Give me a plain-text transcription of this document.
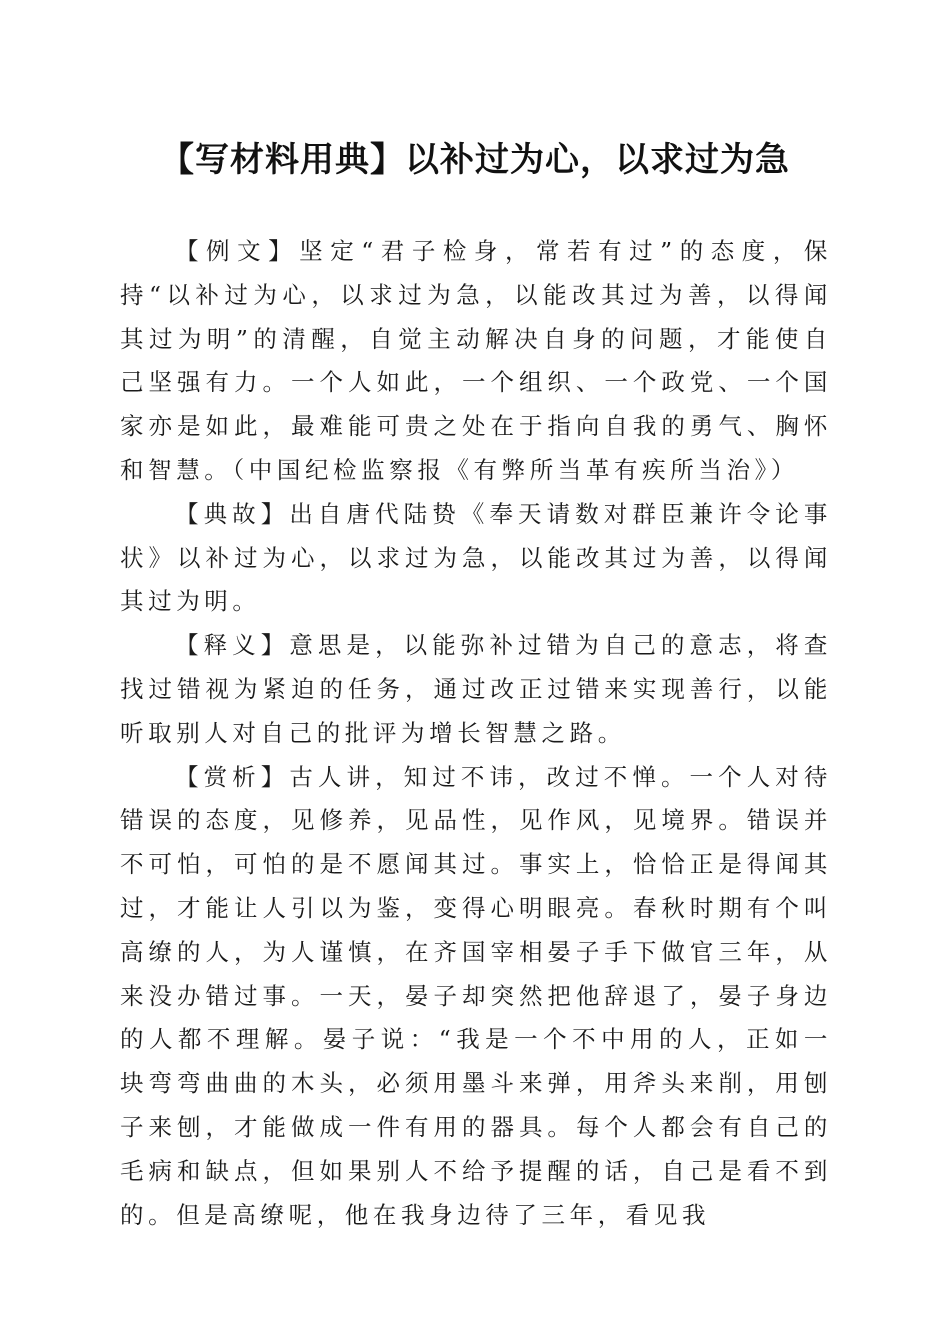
【写材料用典】以补过为心，以求过为急

【例文】坚定“君子检身，常若有过”的态度，保持“以补过为心，以求过为急，以能改其过为善，以得闻其过为明”的清醒，自觉主动解决自身的问题，才能使自己坚强有力。一个人如此，一个组织、一个政党、一个国家亦是如此，最难能可贵之处在于指向自我的勇气、胸怀和智慧。（中国纪检监察报《有弊所当革有疾所当治》）

【典故】出自唐代陆贽《奉天请数对群臣兼许令论事状》以补过为心，以求过为急，以能改其过为善，以得闻其过为明。

【释义】意思是，以能弥补过错为自己的意志，将查找过错视为紧迫的任务，通过改正过错来实现善行，以能听取别人对自己的批评为增长智慧之路。

【赏析】古人讲，知过不讳，改过不惮。一个人对待错误的态度，见修养，见品性，见作风，见境界。错误并不可怕，可怕的是不愿闻其过。事实上，恰恰正是得闻其过，才能让人引以为鉴，变得心明眼亮。春秋时期有个叫高缭的人，为人谨慎，在齐国宰相晏子手下做官三年，从来没办错过事。一天，晏子却突然把他辞退了，晏子身边的人都不理解。晏子说：“我是一个不中用的人，正如一块弯弯曲曲的木头，必须用墨斗来弹，用斧头来削，用刨子来刨，才能做成一件有用的器具。每个人都会有自己的毛病和缺点，但如果别人不给予提醒的话，自己是看不到的。但是高缭呢，他在我身边待了三年，看见我
